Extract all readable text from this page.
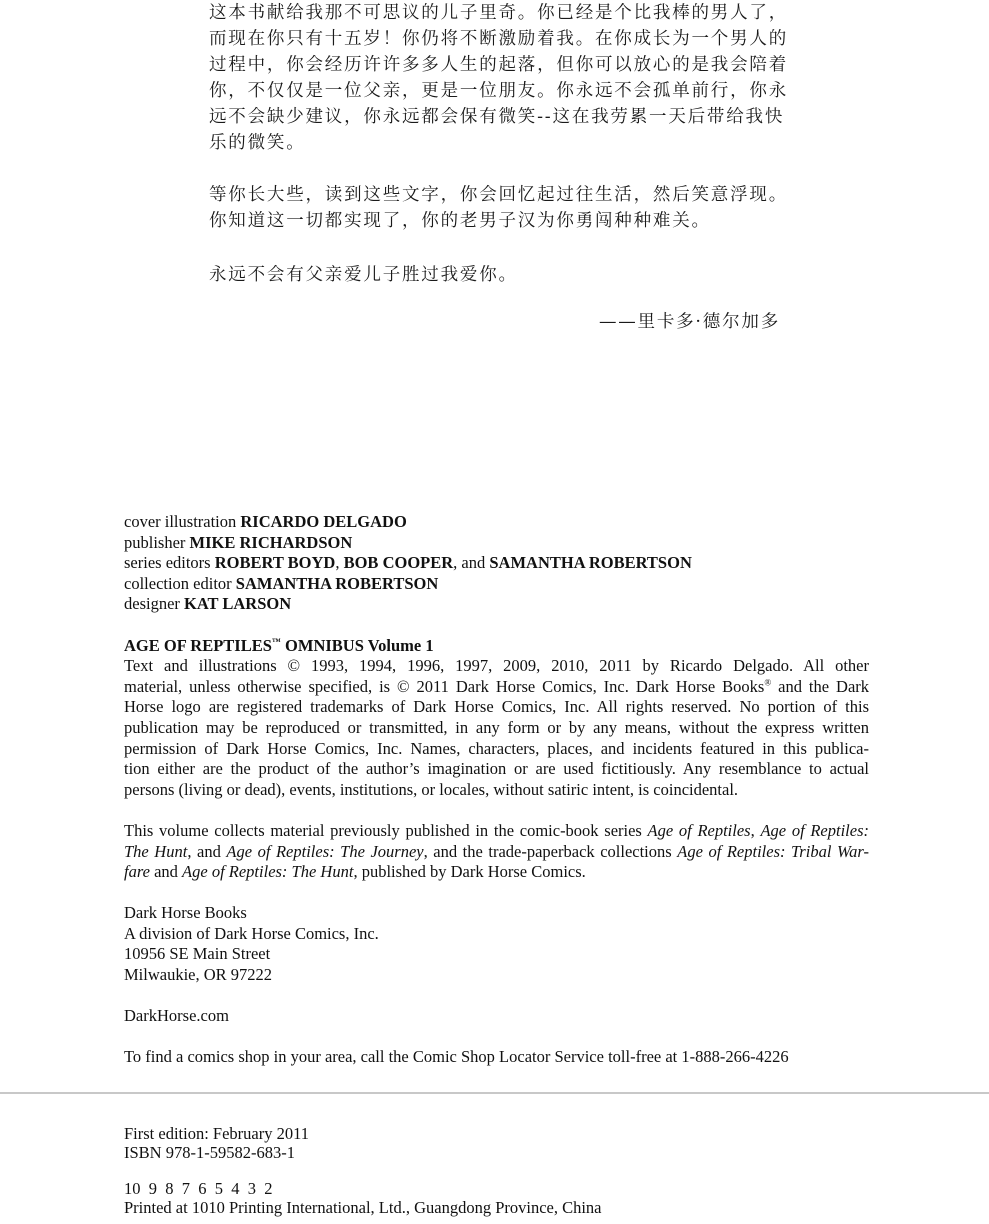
这本书献给我那不可思议的儿子里奇。你已经是个比我棒的男人了，
而现在你只有十五岁！你仍将不断激励着我。在你成长为一个男人的
过程中，你会经历许许多多人生的起落，但你可以放心的是我会陪着
你，不仅仅是一位父亲，更是一位朋友。你永远不会孤单前行，你永
远不会缺少建议，你永远都会保有微笑--这在我劳累一天后带给我快
乐的微笑。

等你长大些，读到这些文字，你会回忆起过往生活，然后笑意浮现。
你知道这一切都实现了，你的老男子汉为你勇闯种种难关。

永远不会有父亲爱儿子胜过我爱你。

——里卡多·德尔加多

cover illustration RICARDO DELGADO

publisher MIKE RICHARDSON

series editors ROBERT BOYD, BOB COOPER, and SAMANTHA ROBERTSON

collection editor SAMANTHA ROBERTSON

designer KAT LARSON

AGE OF REPTILES™ OMNIBUS Volume 1

Text and illustrations © 1993, 1994, 1996, 1997, 2009, 2010, 2011 by Ricardo Delgado. All other

material, unless otherwise specified, is © 2011 Dark Horse Comics, Inc. Dark Horse Books® and the Dark

Horse logo are registered trademarks of Dark Horse Comics, Inc. All rights reserved. No portion of this

publication may be reproduced or transmitted, in any form or by any means, without the express written

permission of Dark Horse Comics, Inc. Names, characters, places, and incidents featured in this publica-

tion either are the product of the author’s imagination or are used fictitiously. Any resemblance to actual

persons (living or dead), events, institutions, or locales, without satiric intent, is coincidental.

This volume collects material previously published in the comic-book series Age of Reptiles, Age of Reptiles: The Hunt, and Age of Reptiles: The Journey, and the trade-paperback collections Age of Reptiles: Tribal War- fare and Age of Reptiles: The Hunt, published by Dark Horse Comics.

Dark Horse Books

A division of Dark Horse Comics, Inc.

10956 SE Main Street

Milwaukie, OR 97222

DarkHorse.com

To find a comics shop in your area, call the Comic Shop Locator Service toll-free at 1-888-266-4226

First edition: February 2011

ISBN 978-1-59582-683-1

10  9  8  7  6  5  4  3  2

Printed at 1010 Printing International, Ltd., Guangdong Province, China
